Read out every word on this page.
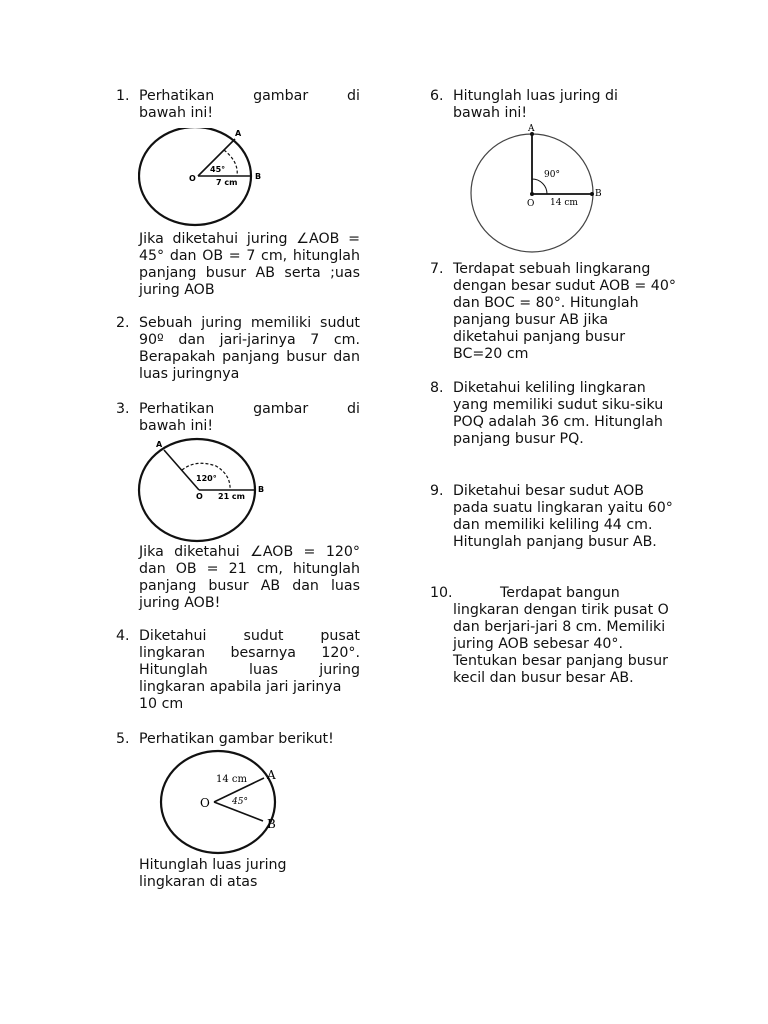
1. Perhatikan	gambar	di
bawah ini!
A
O	B
45°
7 cm
Jika diketahui juring ∠AOB = 45° dan OB = 7 cm, hitunglah panjang busur AB serta ;uas juring AOB
2. Sebuah juring memiliki sudut 90º dan jari-jarinya 7 cm. Berapakah panjang busur dan luas juringnya
3. Perhatikan	gambar	di
bawah ini!
A
O
B
120°
21 cm
Jika diketahui ∠AOB = 120° dan OB = 21 cm, hitunglah panjang busur AB dan luas juring AOB!
4. Diketahui	sudut	pusat
lingkaran besarnya 120°.
Hitunglah	luas	juring
lingkaran apabila jari jarinya
10 cm
5. Perhatikan gambar berikut!
A
O
B
45°
14 cm
Hitunglah luas juring lingkaran di atas
6. Hitunglah luas juring di bawah ini!
A
O
B
90°
14 cm
7. Terdapat sebuah lingkarang dengan besar sudut AOB = 40° dan BOC = 80°. Hitunglah panjang busur AB jika diketahui panjang busur BC=20 cm
8. Diketahui keliling lingkaran yang memiliki sudut siku-siku POQ adalah 36 cm. Hitunglah panjang busur PQ.
9. Diketahui besar sudut AOB pada suatu lingkaran yaitu 60° dan memiliki keliling 44 cm. Hitunglah panjang busur AB.
10.	Terdapat bangun
lingkaran dengan tirik pusat O dan berjari-jari 8 cm. Memiliki juring AOB sebesar 40°. Tentukan besar panjang busur kecil dan busur besar AB.
